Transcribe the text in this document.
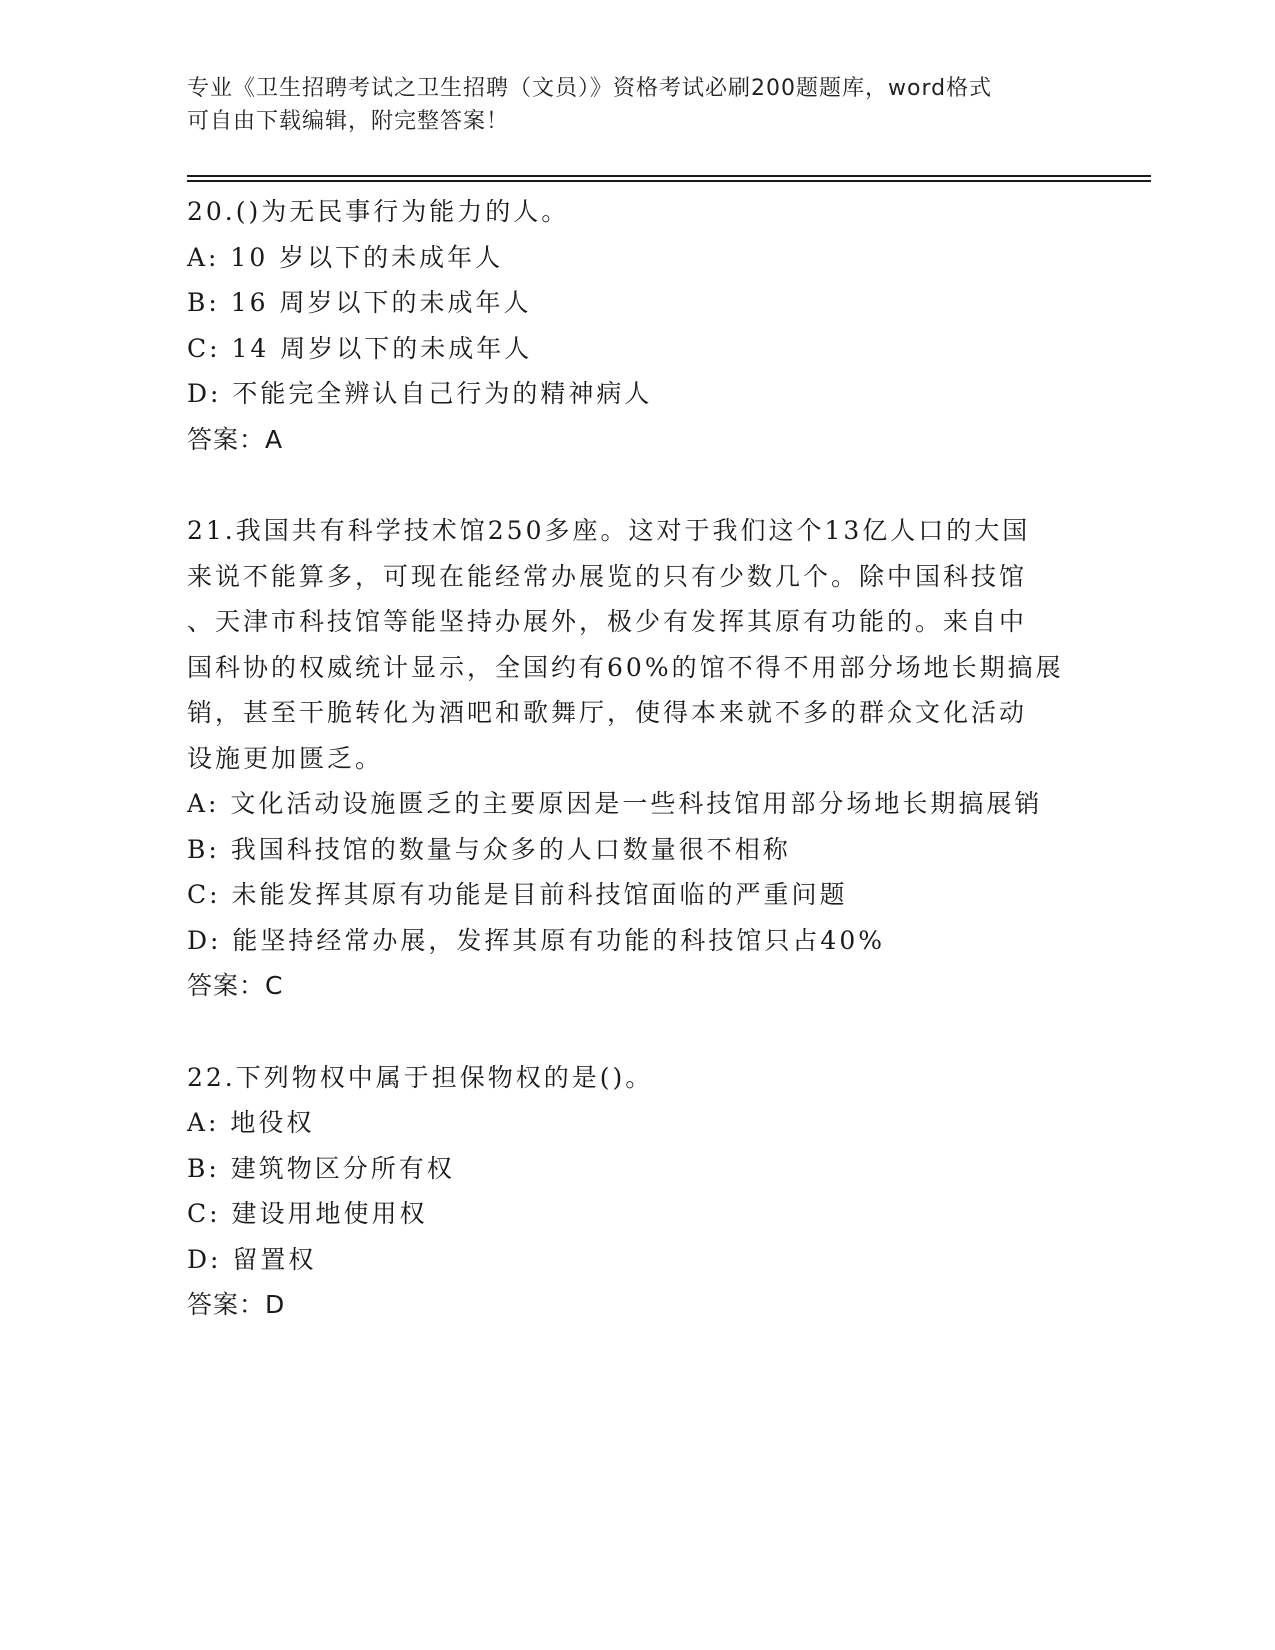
专业《卫生招聘考试之卫生招聘（文员）》资格考试必刷200题题库，word格式
可自由下载编辑，附完整答案！
20.()为无民事行为能力的人。
A: 10 岁以下的未成年人
B: 16 周岁以下的未成年人
C: 14 周岁以下的未成年人
D: 不能完全辨认自己行为的精神病人
答案：A
21.我国共有科学技术馆250多座。这对于我们这个13亿人口的大国
来说不能算多，可现在能经常办展览的只有少数几个。除中国科技馆
、天津市科技馆等能坚持办展外，极少有发挥其原有功能的。来自中
国科协的权威统计显示，全国约有60%的馆不得不用部分场地长期搞展
销，甚至干脆转化为酒吧和歌舞厅，使得本来就不多的群众文化活动
设施更加匮乏。
A: 文化活动设施匮乏的主要原因是一些科技馆用部分场地长期搞展销
B: 我国科技馆的数量与众多的人口数量很不相称
C: 未能发挥其原有功能是目前科技馆面临的严重问题
D: 能坚持经常办展，发挥其原有功能的科技馆只占40%
答案：C
22.下列物权中属于担保物权的是()。
A: 地役权
B: 建筑物区分所有权
C: 建设用地使用权
D: 留置权
答案：D
